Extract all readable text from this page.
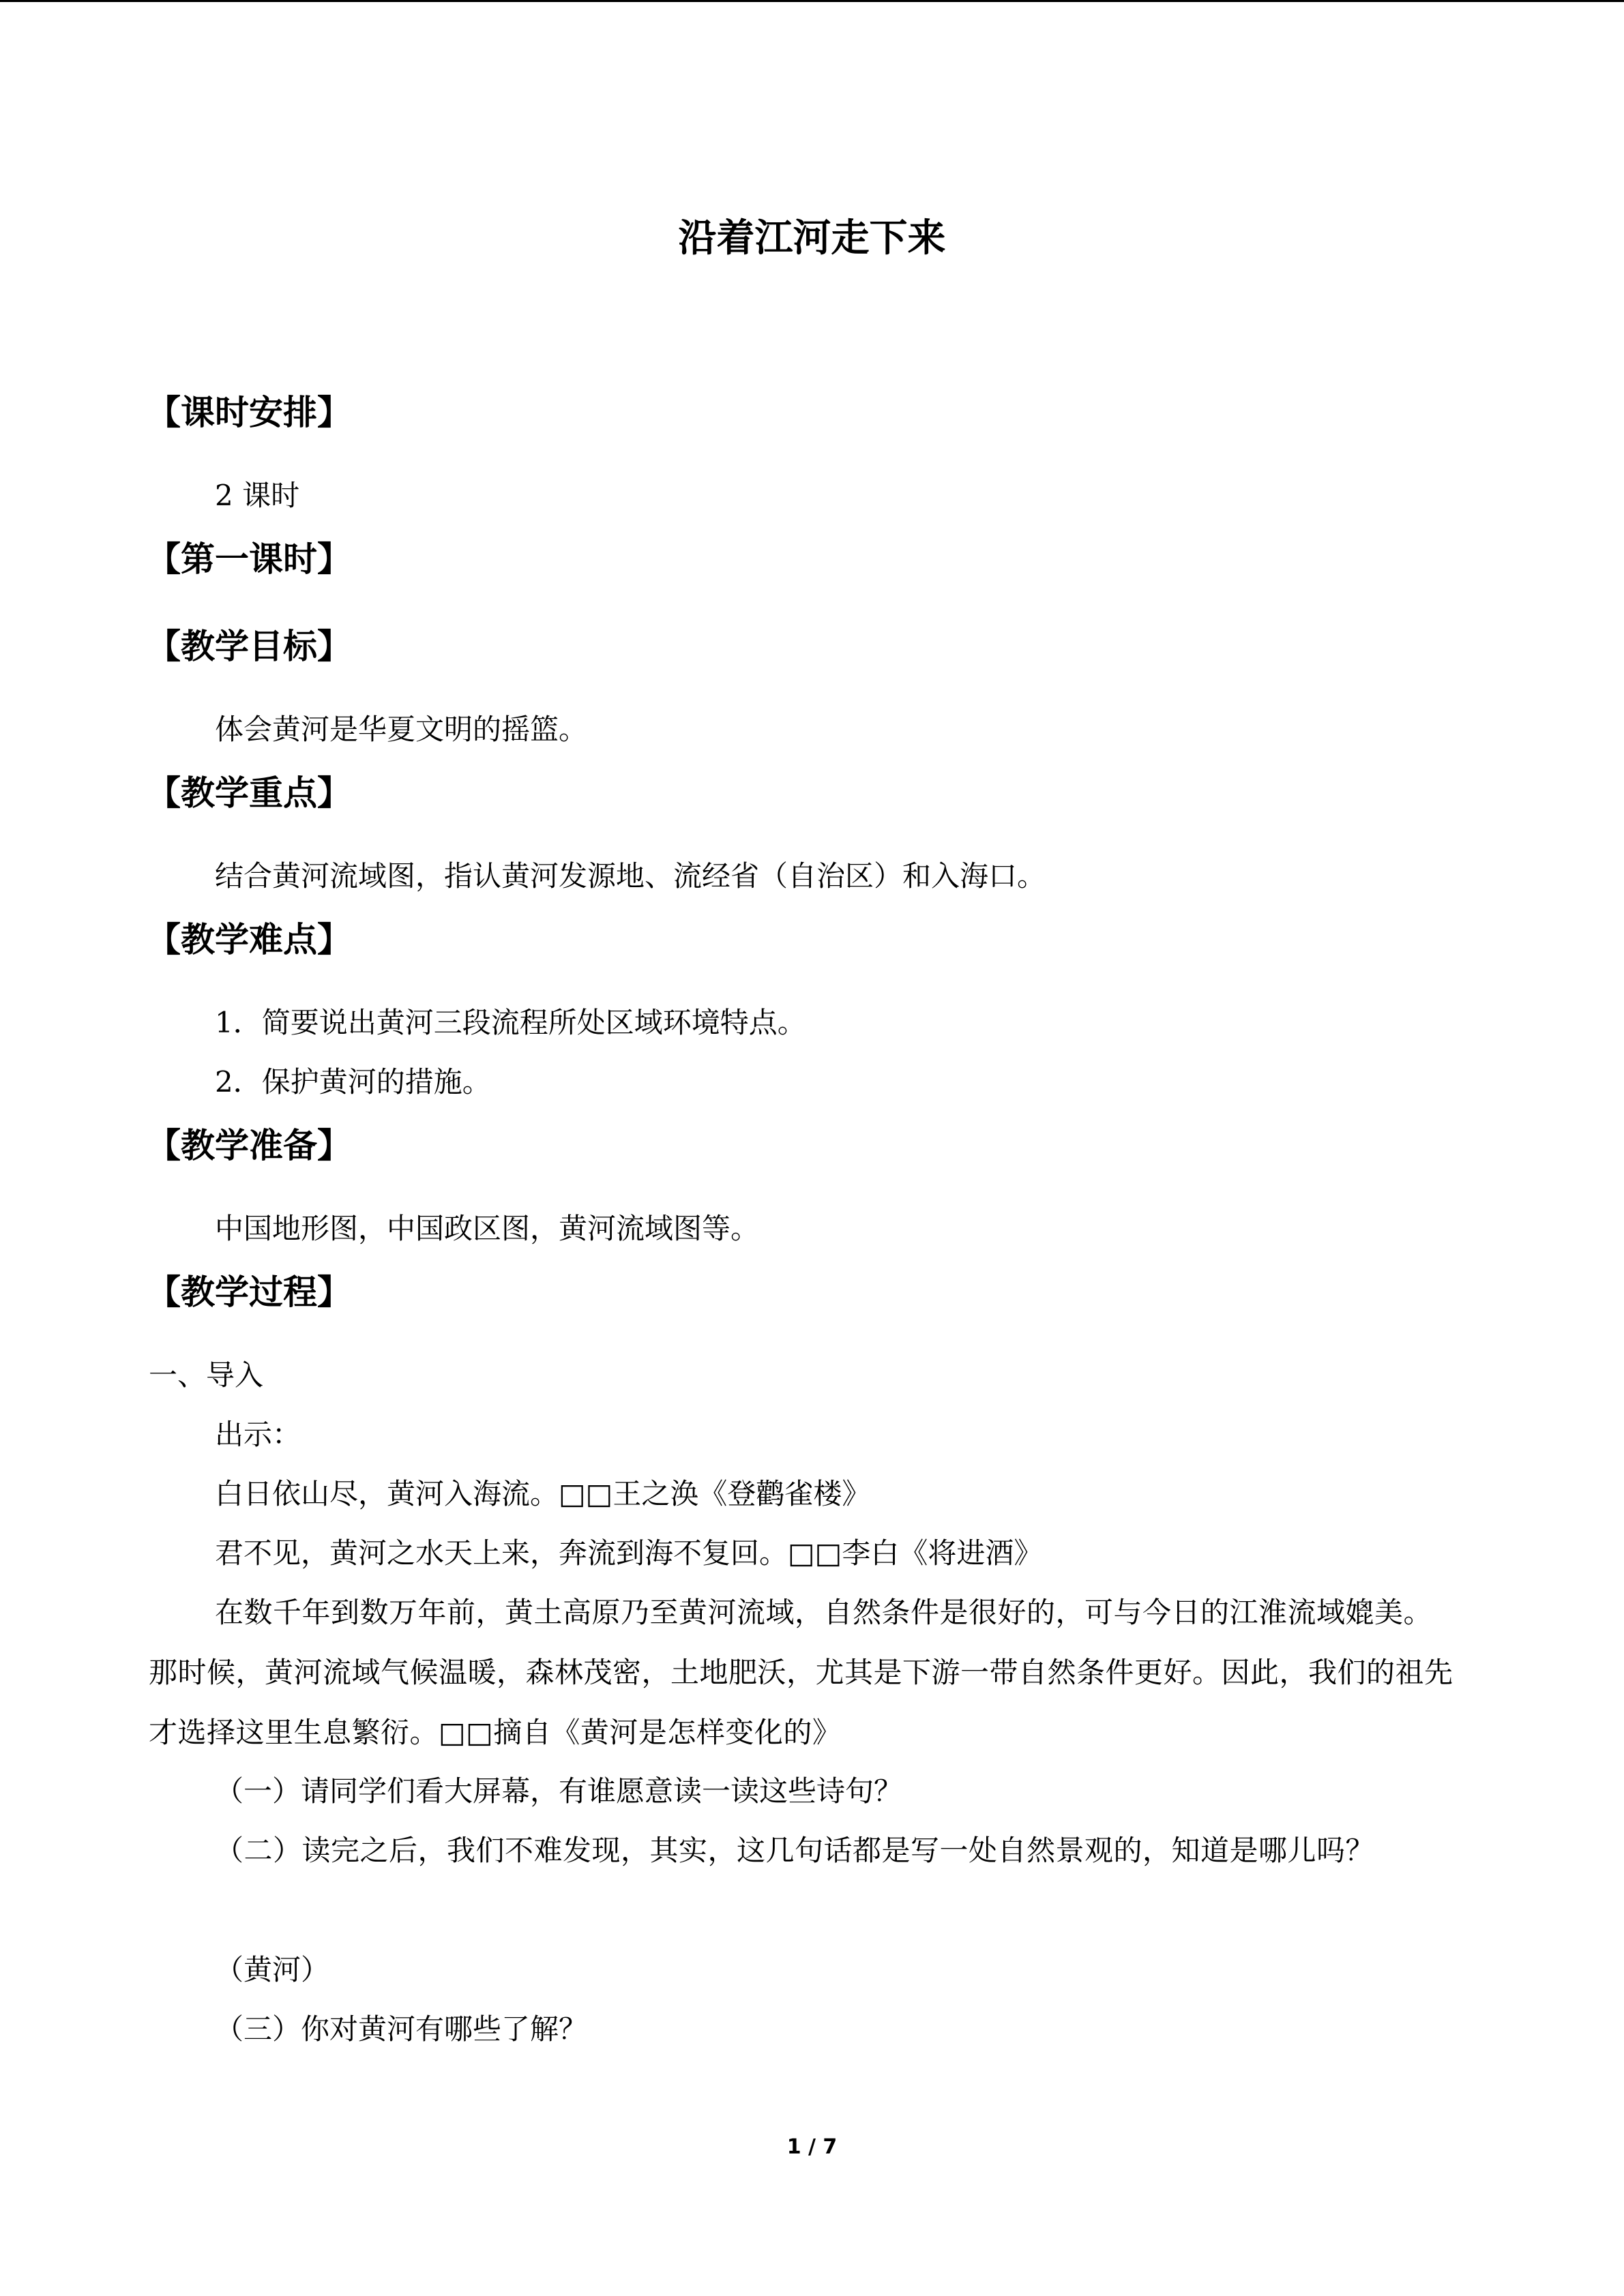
沿着江河走下来
【课时安排】
2 课时
【第一课时】
【教学目标】
体会黄河是华夏文明的摇篮。
【教学重点】
结合黄河流域图，指认黄河发源地、流经省（自治区）和入海口。
【教学难点】
1．简要说出黄河三段流程所处区域环境特点。
2．保护黄河的措施。
【教学准备】
中国地形图，中国政区图，黄河流域图等。
【教学过程】
一、导入
出示：
白日依山尽，黄河入海流。□□王之涣《登鹳雀楼》
君不见，黄河之水天上来，奔流到海不复回。□□李白《将进酒》
在数千年到数万年前，黄土高原乃至黄河流域，自然条件是很好的，可与今日的江淮流域媲美。那时候，黄河流域气候温暖，森林茂密，土地肥沃，尤其是下游一带自然条件更好。因此，我们的祖先才选择这里生息繁衍。□□摘自《黄河是怎样变化的》
（一）请同学们看大屏幕，有谁愿意读一读这些诗句？
（二）读完之后，我们不难发现，其实，这几句话都是写一处自然景观的，知道是哪儿吗？
（黄河）
（三）你对黄河有哪些了解？
1 / 7
